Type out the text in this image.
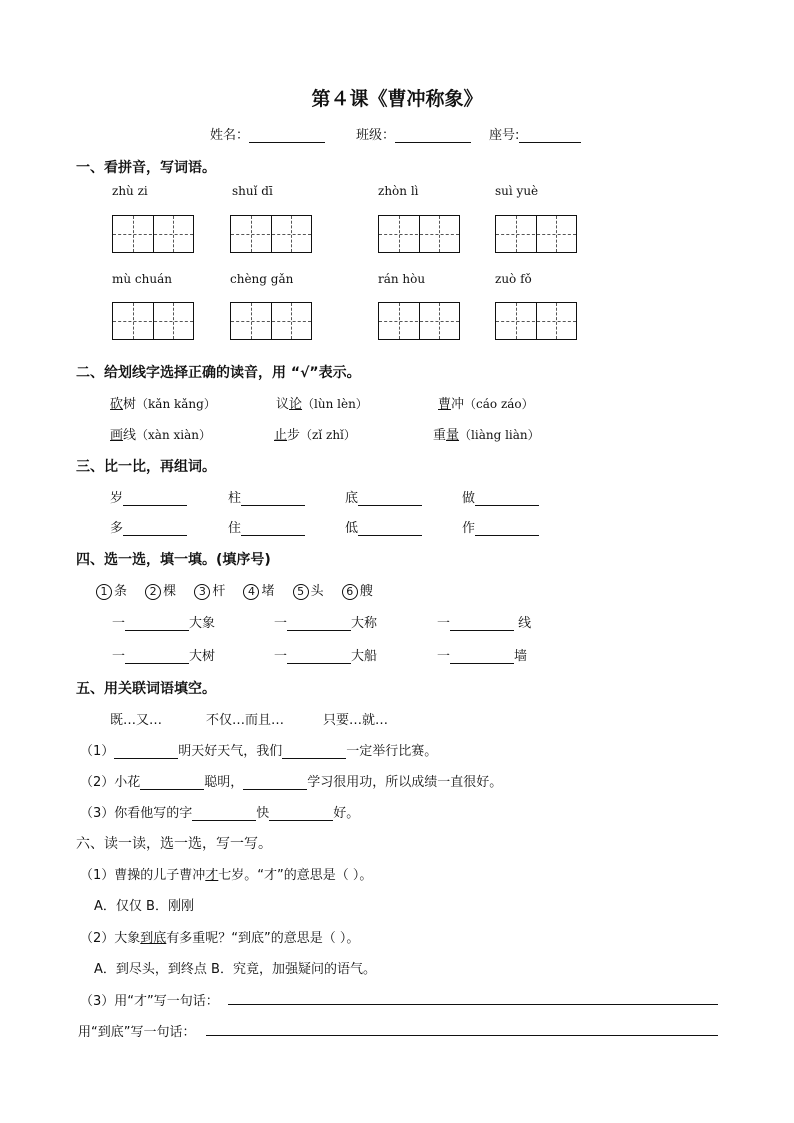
第４课《曹冲称象》
姓名：	班级：	座号:
一、看拼音，写词语。
zhù zi	shuǐ dī	zhòn lì	suì yuè
mù chuán	chèng gǎn	rán hòu	zuò fǒ
二、给划线字选择正确的读音，用 “√”表示。
砍树（kǎn kǎng）	议论（lùn lèn）	曹冲（cáo záo）
画线（xàn xiàn）	止步（zǐ zhǐ）	重量（liàng liàn）
三、比一比，再组词。
岁	柱	底	做
多	住	低	作
四、选一选，填一填。(填序号)
1 条 2 棵 3 杆 4 堵 5 头 6 艘
一	大象	一	大称	一	线
一	大树	一	大船	一	墙
五、用关联词语填空。
既…又…	不仅…而且…	只要…就…
（1）	明天好天气，我们	一定举行比赛。
（2）小花	聪明，	学习很用功，所以成绩一直很好。
（3）你看他写的字	快	好。
六、读一读，选一选，写一写。
（1）曹操的儿子曹冲才七岁。“才”的意思是（ ）。
A．仅仅 B．刚刚
（2）大象到底有多重呢？“到底”的意思是（ ）。
A．到尽头，到终点 B．究竟，加强疑问的语气。
（3）用“才”写一句话：
用“到底”写一句话：
